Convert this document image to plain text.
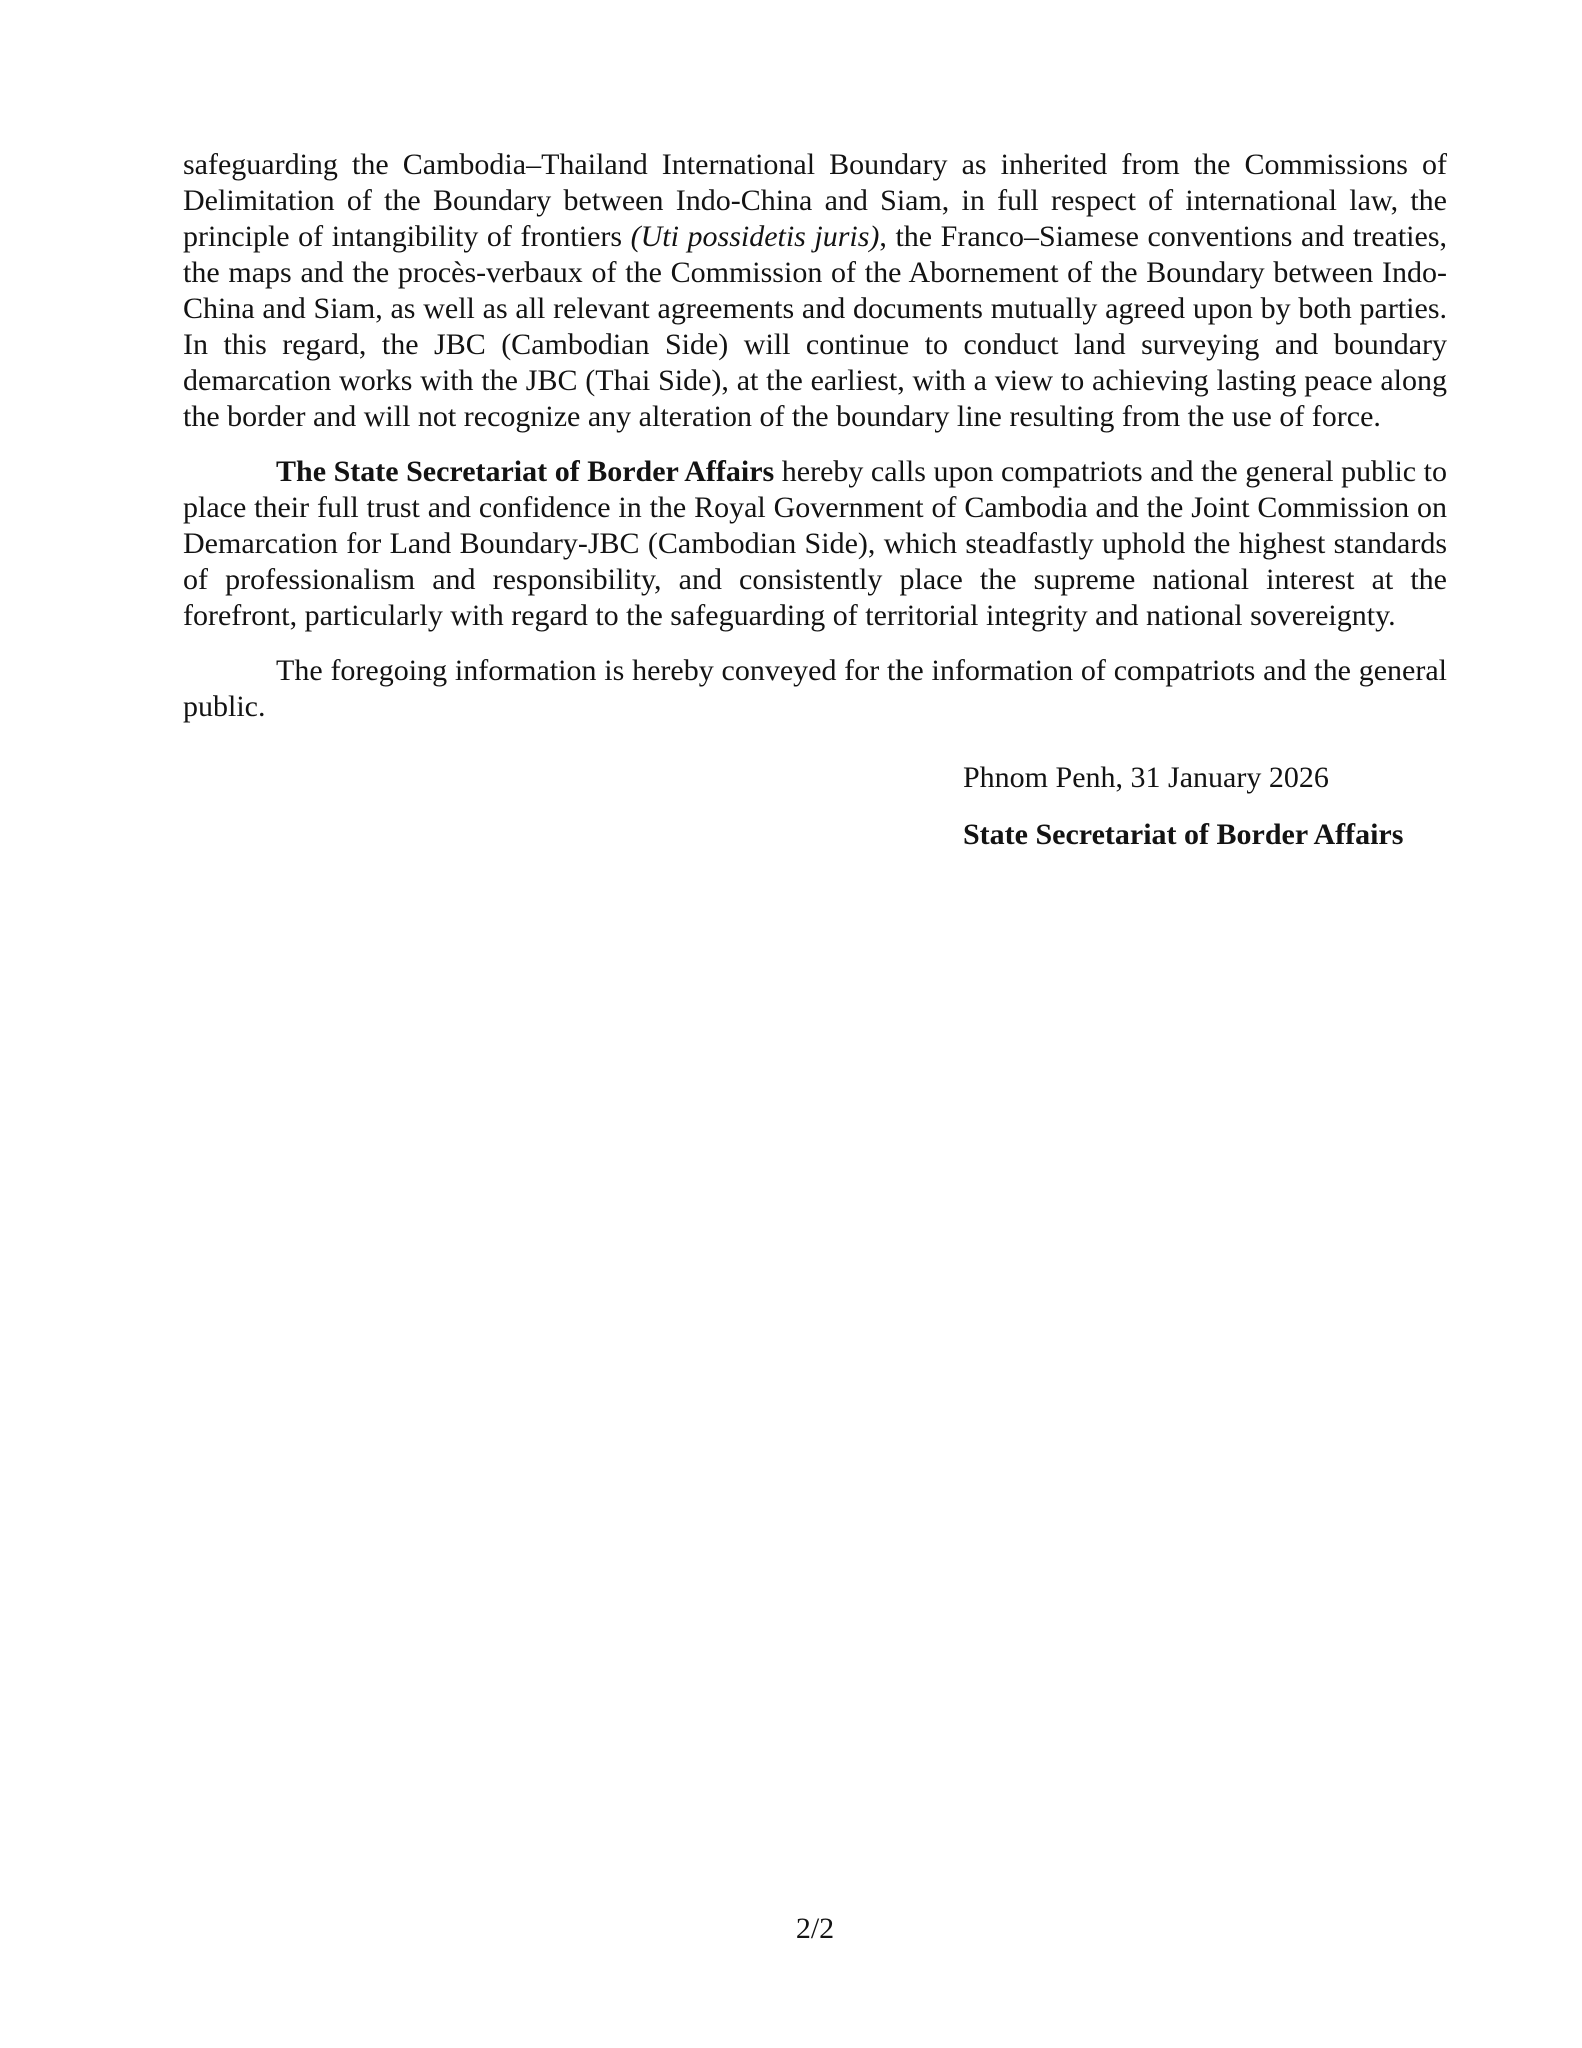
safeguarding the Cambodia–Thailand International Boundary as inherited from the Commissions of Delimitation of the Boundary between Indo-China and Siam, in full respect of international law, the principle of intangibility of frontiers (Uti possidetis juris), the Franco–Siamese conventions and treaties, the maps and the procès-verbaux of the Commission of the Abornement of the Boundary between Indo-China and Siam, as well as all relevant agreements and documents mutually agreed upon by both parties. In this regard, the JBC (Cambodian Side) will continue to conduct land surveying and boundary demarcation works with the JBC (Thai Side), at the earliest, with a view to achieving lasting peace along the border and will not recognize any alteration of the boundary line resulting from the use of force.

The State Secretariat of Border Affairs hereby calls upon compatriots and the general public to place their full trust and confidence in the Royal Government of Cambodia and the Joint Commission on Demarcation for Land Boundary-JBC (Cambodian Side), which steadfastly uphold the highest standards of professionalism and responsibility, and consistently place the supreme national interest at the forefront, particularly with regard to the safeguarding of territorial integrity and national sovereignty.

The foregoing information is hereby conveyed for the information of compatriots and the general public.

Phnom Penh, 31 January 2026

State Secretariat of Border Affairs

2/2
